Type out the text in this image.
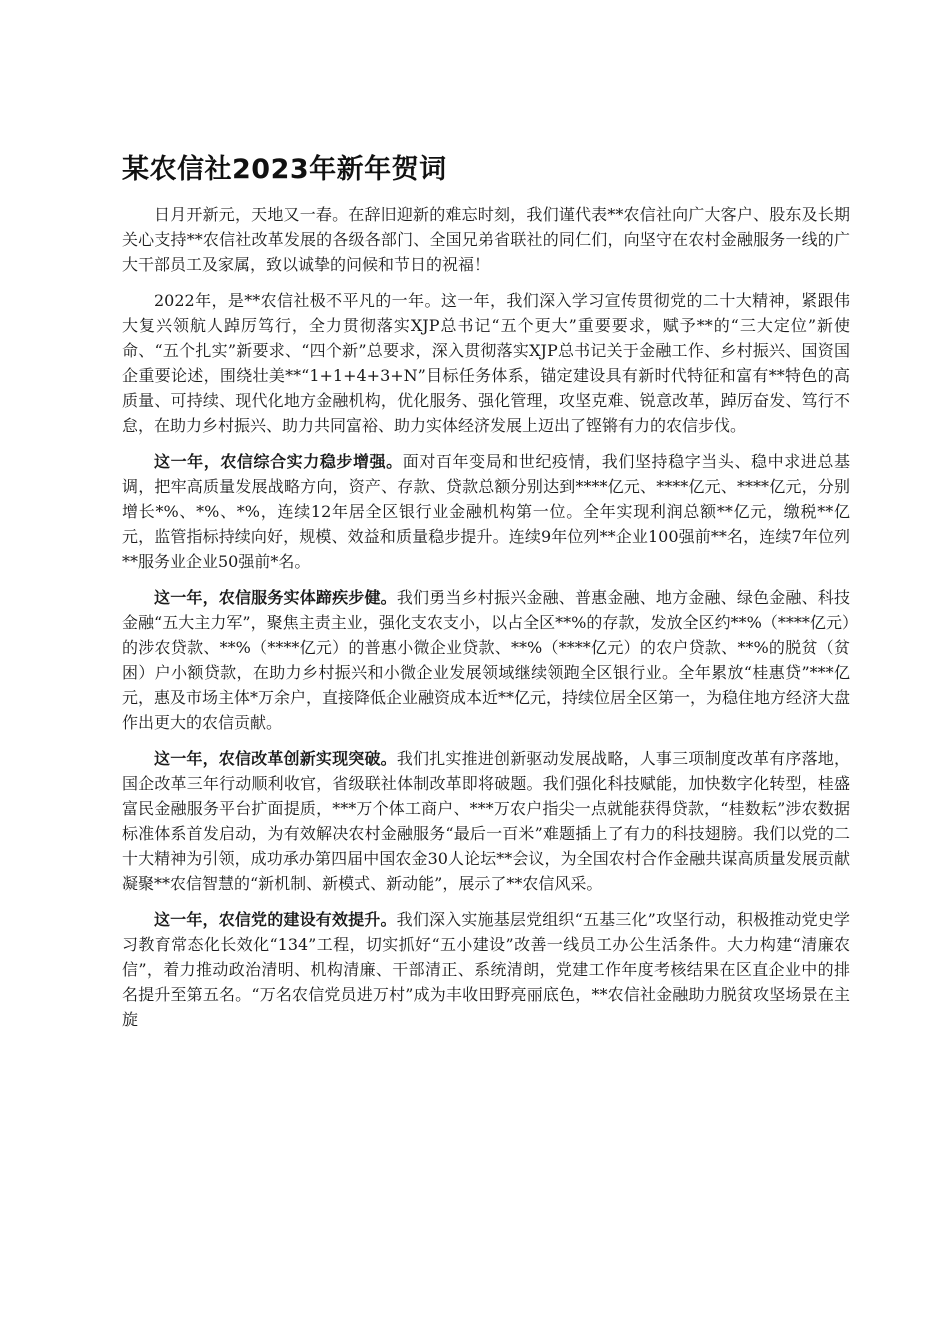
某农信社2023年新年贺词

日月开新元，天地又一春。在辞旧迎新的难忘时刻，我们谨代表**农信社向广大客户、股东及长期关心支持**农信社改革发展的各级各部门、全国兄弟省联社的同仁们，向坚守在农村金融服务一线的广大干部员工及家属，致以诚挚的问候和节日的祝福！

2022年，是**农信社极不平凡的一年。这一年，我们深入学习宣传贯彻党的二十大精神，紧跟伟大复兴领航人踔厉笃行，全力贯彻落实XJP总书记“五个更大”重要要求，赋予**的“三大定位”新使命、“五个扎实”新要求、“四个新”总要求，深入贯彻落实XJP总书记关于金融工作、乡村振兴、国资国企重要论述，围绕壮美**“1+1+4+3+N”目标任务体系，锚定建设具有新时代特征和富有**特色的高质量、可持续、现代化地方金融机构，优化服务、强化管理，攻坚克难、锐意改革，踔厉奋发、笃行不怠，在助力乡村振兴、助力共同富裕、助力实体经济发展上迈出了铿锵有力的农信步伐。

这一年，农信综合实力稳步增强。面对百年变局和世纪疫情，我们坚持稳字当头、稳中求进总基调，把牢高质量发展战略方向，资产、存款、贷款总额分别达到****亿元、****亿元、****亿元，分别增长*%、*%、*%，连续12年居全区银行业金融机构第一位。全年实现利润总额**亿元，缴税**亿元，监管指标持续向好，规模、效益和质量稳步提升。连续9年位列**企业100强前**名，连续7年位列**服务业企业50强前*名。

这一年，农信服务实体蹄疾步健。我们勇当乡村振兴金融、普惠金融、地方金融、绿色金融、科技金融“五大主力军”，聚焦主责主业，强化支农支小，以占全区**%的存款，发放全区约**%（****亿元）的涉农贷款、**%（****亿元）的普惠小微企业贷款、**%（****亿元）的农户贷款、**%的脱贫（贫困）户小额贷款，在助力乡村振兴和小微企业发展领域继续领跑全区银行业。全年累放“桂惠贷”***亿元，惠及市场主体*万余户，直接降低企业融资成本近**亿元，持续位居全区第一，为稳住地方经济大盘作出更大的农信贡献。

这一年，农信改革创新实现突破。我们扎实推进创新驱动发展战略，人事三项制度改革有序落地，国企改革三年行动顺利收官，省级联社体制改革即将破题。我们强化科技赋能，加快数字化转型，桂盛富民金融服务平台扩面提质，***万个体工商户、***万农户指尖一点就能获得贷款，“桂数耘”涉农数据标准体系首发启动，为有效解决农村金融服务“最后一百米”难题插上了有力的科技翅膀。我们以党的二十大精神为引领，成功承办第四届中国农金30人论坛**会议，为全国农村合作金融共谋高质量发展贡献凝聚**农信智慧的“新机制、新模式、新动能”，展示了**农信风采。

这一年，农信党的建设有效提升。我们深入实施基层党组织“五基三化”攻坚行动，积极推动党史学习教育常态化长效化“134”工程，切实抓好“五小建设”改善一线员工办公生活条件。大力构建“清廉农信”，着力推动政治清明、机构清廉、干部清正、系统清朗，党建工作年度考核结果在区直企业中的排名提升至第五名。“万名农信党员进万村”成为丰收田野亮丽底色，**农信社金融助力脱贫攻坚场景在主旋
